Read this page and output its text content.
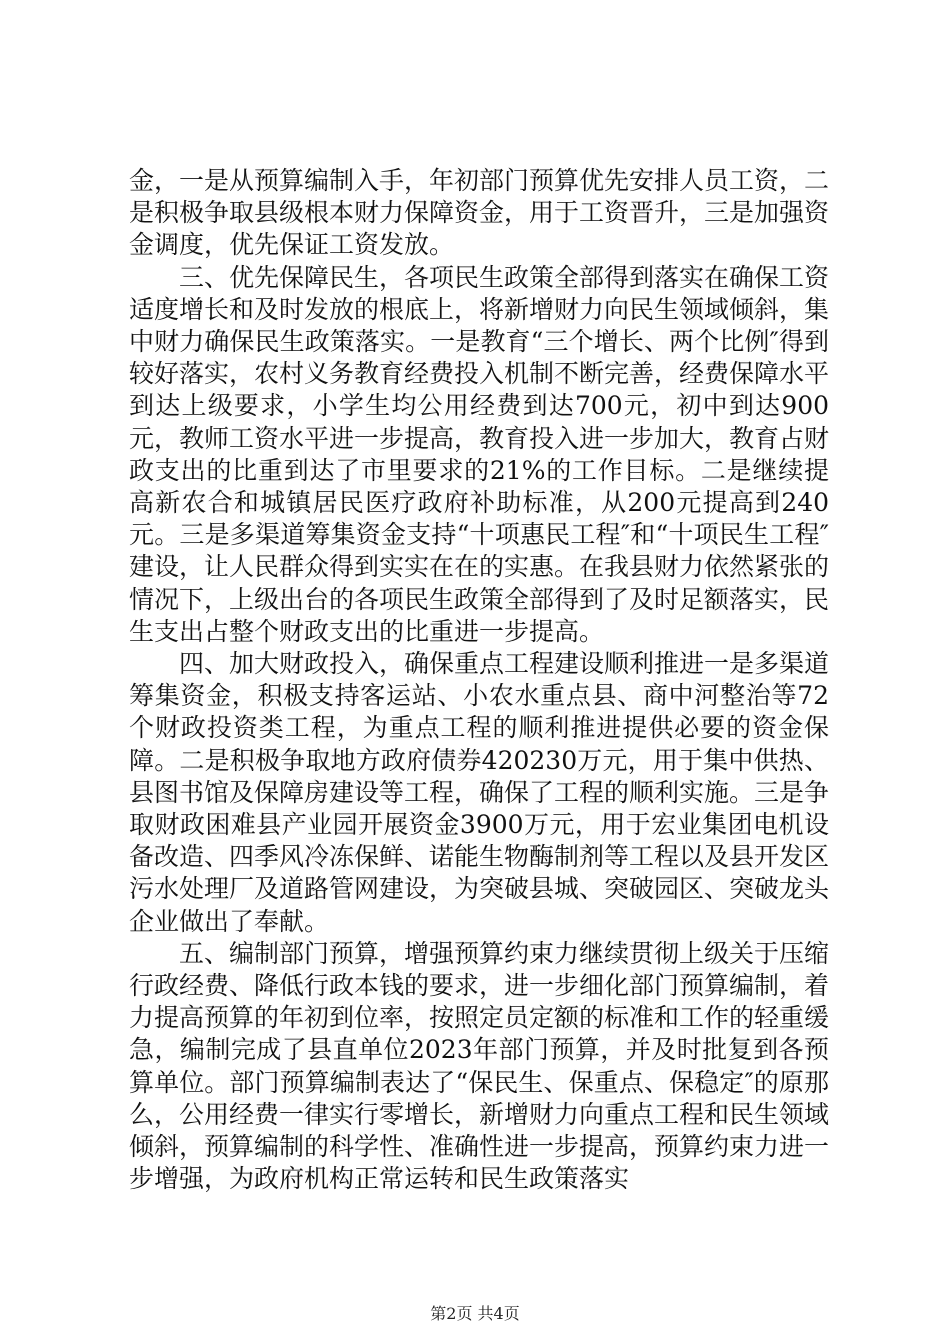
金，一是从预算编制入手，年初部门预算优先安排人员工资，二是积极争取县级根本财力保障资金，用于工资晋升，三是加强资金调度，优先保证工资发放。

三、优先保障民生，各项民生政策全部得到落实在确保工资适度增长和及时发放的根底上，将新增财力向民生领域倾斜，集中财力确保民生政策落实。一是教育“三个增长、两个比例″得到较好落实，农村义务教育经费投入机制不断完善，经费保障水平到达上级要求，小学生均公用经费到达700元，初中到达900元，教师工资水平进一步提高，教育投入进一步加大，教育占财政支出的比重到达了市里要求的21%的工作目标。二是继续提高新农合和城镇居民医疗政府补助标准，从200元提高到240元。三是多渠道筹集资金支持“十项惠民工程″和“十项民生工程″建设，让人民群众得到实实在在的实惠。在我县财力依然紧张的情况下，上级出台的各项民生政策全部得到了及时足额落实，民生支出占整个财政支出的比重进一步提高。

四、加大财政投入，确保重点工程建设顺利推进一是多渠道筹集资金，积极支持客运站、小农水重点县、商中河整治等72个财政投资类工程，为重点工程的顺利推进提供必要的资金保障。二是积极争取地方政府债券420230万元，用于集中供热、县图书馆及保障房建设等工程，确保了工程的顺利实施。三是争取财政困难县产业园开展资金3900万元，用于宏业集团电机设备改造、四季风冷冻保鲜、诺能生物酶制剂等工程以及县开发区污水处理厂及道路管网建设，为突破县城、突破园区、突破龙头企业做出了奉献。

五、编制部门预算，增强预算约束力继续贯彻上级关于压缩行政经费、降低行政本钱的要求，进一步细化部门预算编制，着力提高预算的年初到位率，按照定员定额的标准和工作的轻重缓急，编制完成了县直单位2023年部门预算，并及时批复到各预算单位。部门预算编制表达了“保民生、保重点、保稳定″的原那么，公用经费一律实行零增长，新增财力向重点工程和民生领域倾斜，预算编制的科学性、准确性进一步提高，预算约束力进一步增强，为政府机构正常运转和民生政策落实

第2页 共4页
